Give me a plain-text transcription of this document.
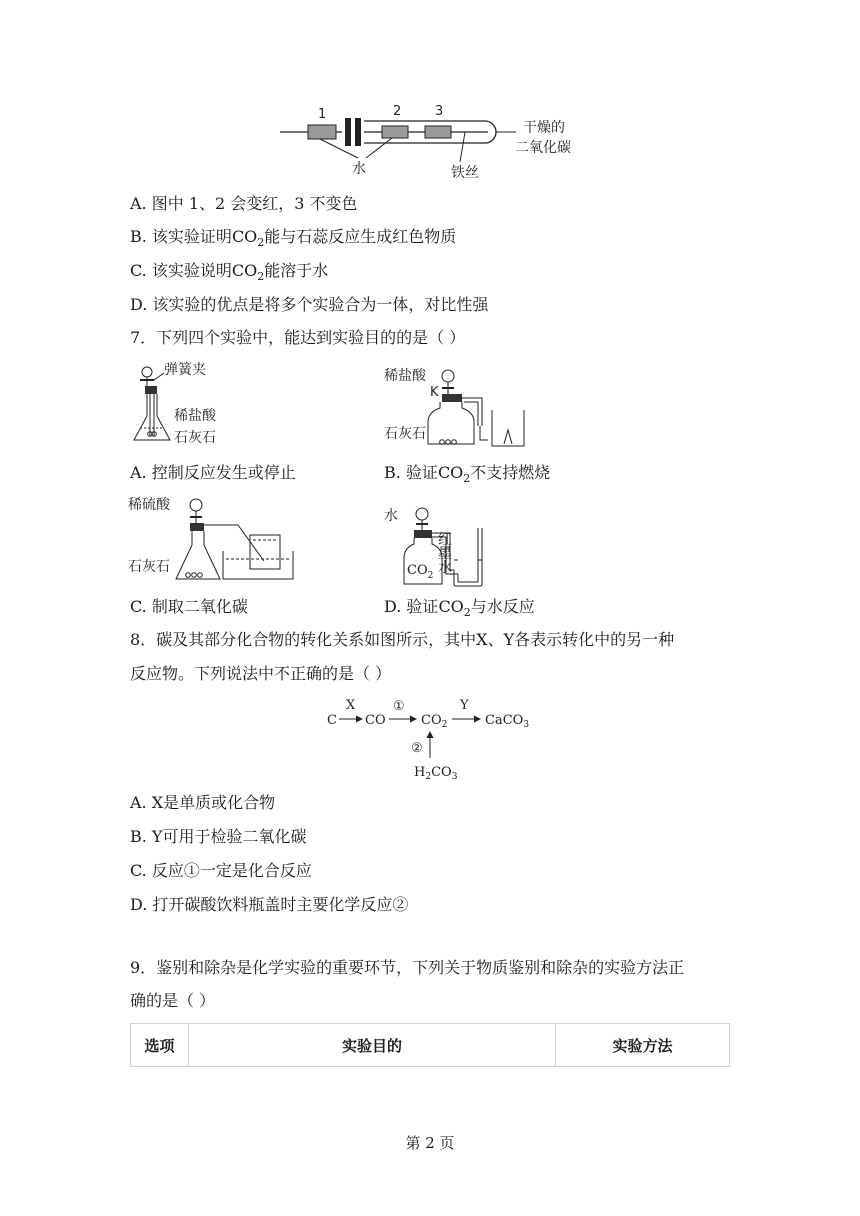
1	2	3
水	铁丝
干燥的
二氧化碳
A. 图中 1、2 会变红，3 不变色
B. 该实验证明$CO_2$能与石蕊反应生成红色物质
C. 该实验说明$CO_2$能溶于水
D. 该实验的优点是将多个实验合为一体，对比性强
7．下列四个实验中，能达到实验目的的是（ ）
弹簧夹
稀盐酸
石灰石
稀盐酸
K
石灰石
A. 控制反应发生或停止	B. 验证$CO_2$不支持燃烧
稀硫酸
石灰石
水
红
墨
水
$CO_2$
C. 制取二氧化碳	D. 验证$CO_2$与水反应
8．碳及其部分化合物的转化关系如图所示，其中X、Y各表示转化中的另一种
反应物。下列说法中不正确的是（ ）
C
X
CO
①
$CO_2$
Y
CaCO$_3$
②
$H_2CO_3$
A. X是单质或化合物
B. Y可用于检验二氧化碳
C. 反应①一定是化合反应
D. 打开碳酸饮料瓶盖时主要化学反应②
9．鉴别和除杂是化学实验的重要环节，下列关于物质鉴别和除杂的实验方法正
确的是（ ）
选项	实验目的	实验方法
第 2 页
